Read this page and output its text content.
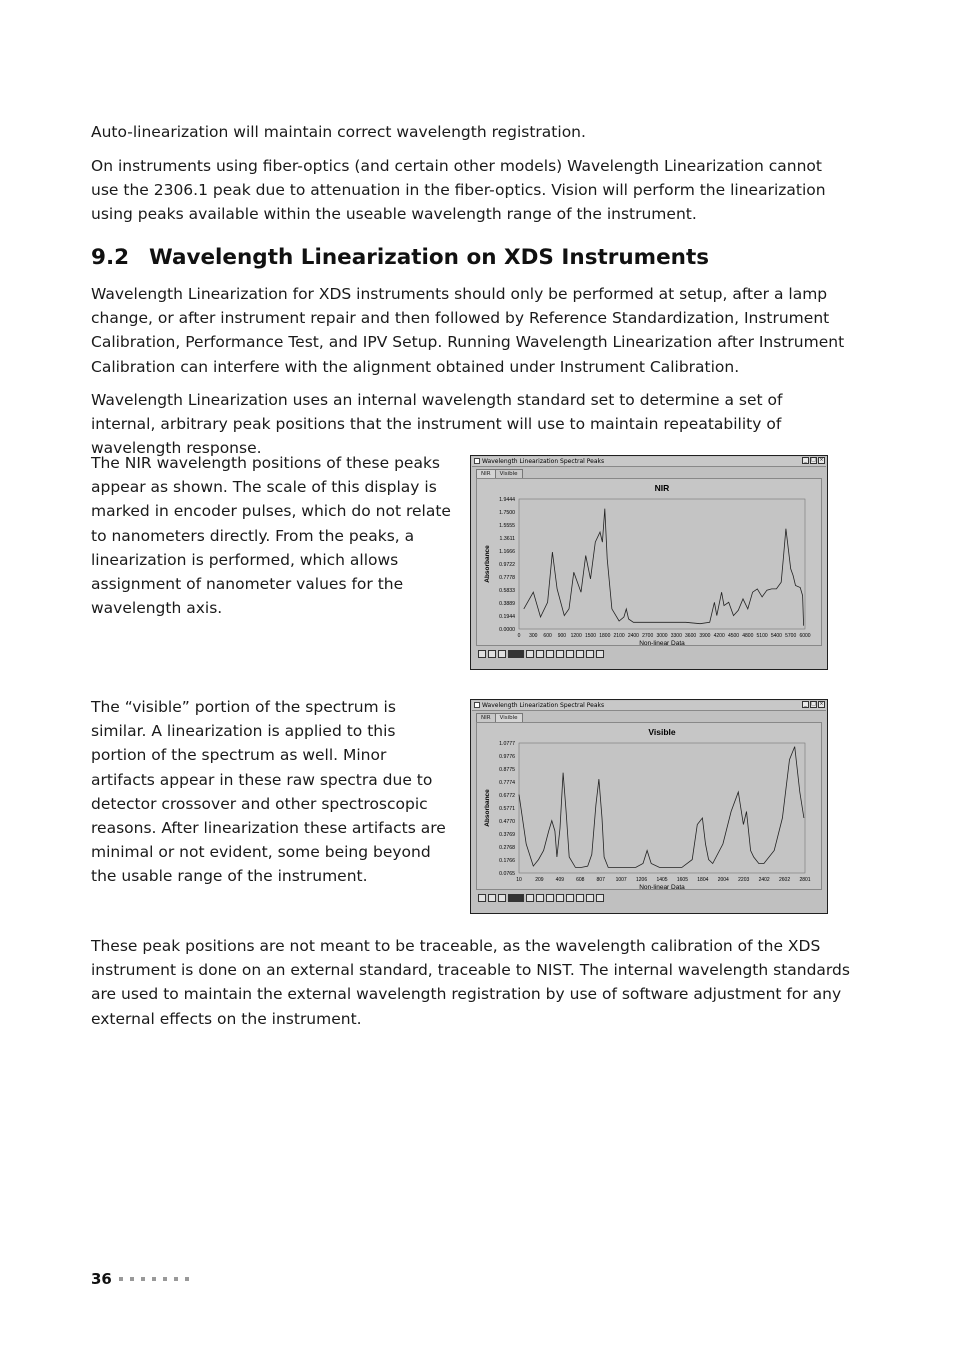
Auto-linearization will maintain correct wavelength registration.

On instruments using fiber-optics (and certain other models) Wavelength Linearization cannot use the 2306.1 peak due to attenuation in the fiber-optics. Vision will perform the linearization using peaks available within the useable wavelength range of the instrument.

9.2 Wavelength Linearization on XDS Instruments

Wavelength Linearization for XDS instruments should only be performed at setup, after a lamp change, or after instrument repair and then followed by Reference Standardization, Instrument Calibration, Performance Test, and IPV Setup. Running Wavelength Linearization after Instrument Calibration can interfere with the alignment obtained under Instrument Calibration.

Wavelength Linearization uses an internal wavelength standard set to determine a set of internal, arbitrary peak positions that the instrument will use to maintain repeatability of wavelength response.

The NIR wavelength positions of these peaks appear as shown. The scale of this display is marked in encoder pulses, which do not relate to nanometers directly. From the peaks, a linearization is performed, which allows assignment of nanometer values for the wavelength axis.

Wavelength Linearization Spectral Peaks	_ □ ×
NIR	Visible
NIR
1.9444
1.7500
1.5555
1.3611
1.1666
0.9722
0.7778
0.5833
0.3889
0.1944
0.0000
0 300 600 900 1200 1500 1800 2100 2400 2700 3000 3300 3600 3900 4200 4500 4800 5100 5400 5700 6000
Non-linear Data
Absorbance

The “visible” portion of the spectrum is similar. A linearization is applied to this portion of the spectrum as well. Minor artifacts appear in these raw spectra due to detector crossover and other spectroscopic reasons. After linearization these artifacts are minimal or not evident, some being beyond the usable range of the instrument.

Wavelength Linearization Spectral Peaks	_ □ ×
NIR	Visible
Visible
1.0777
0.9776
0.8775
0.7774
0.6772
0.5771
0.4770
0.3769
0.2768
0.1766
0.0765
10	209 409 608 807 1007 1206 1405 1605 1804 2004 2203 2402 2602 2801
Non-linear Data
Absorbance

These peak positions are not meant to be traceable, as the wavelength calibration of the XDS instrument is done on an external standard, traceable to NIST. The internal wavelength standards are used to maintain the external wavelength registration by use of software adjustment for any external effects on the instrument.

36
